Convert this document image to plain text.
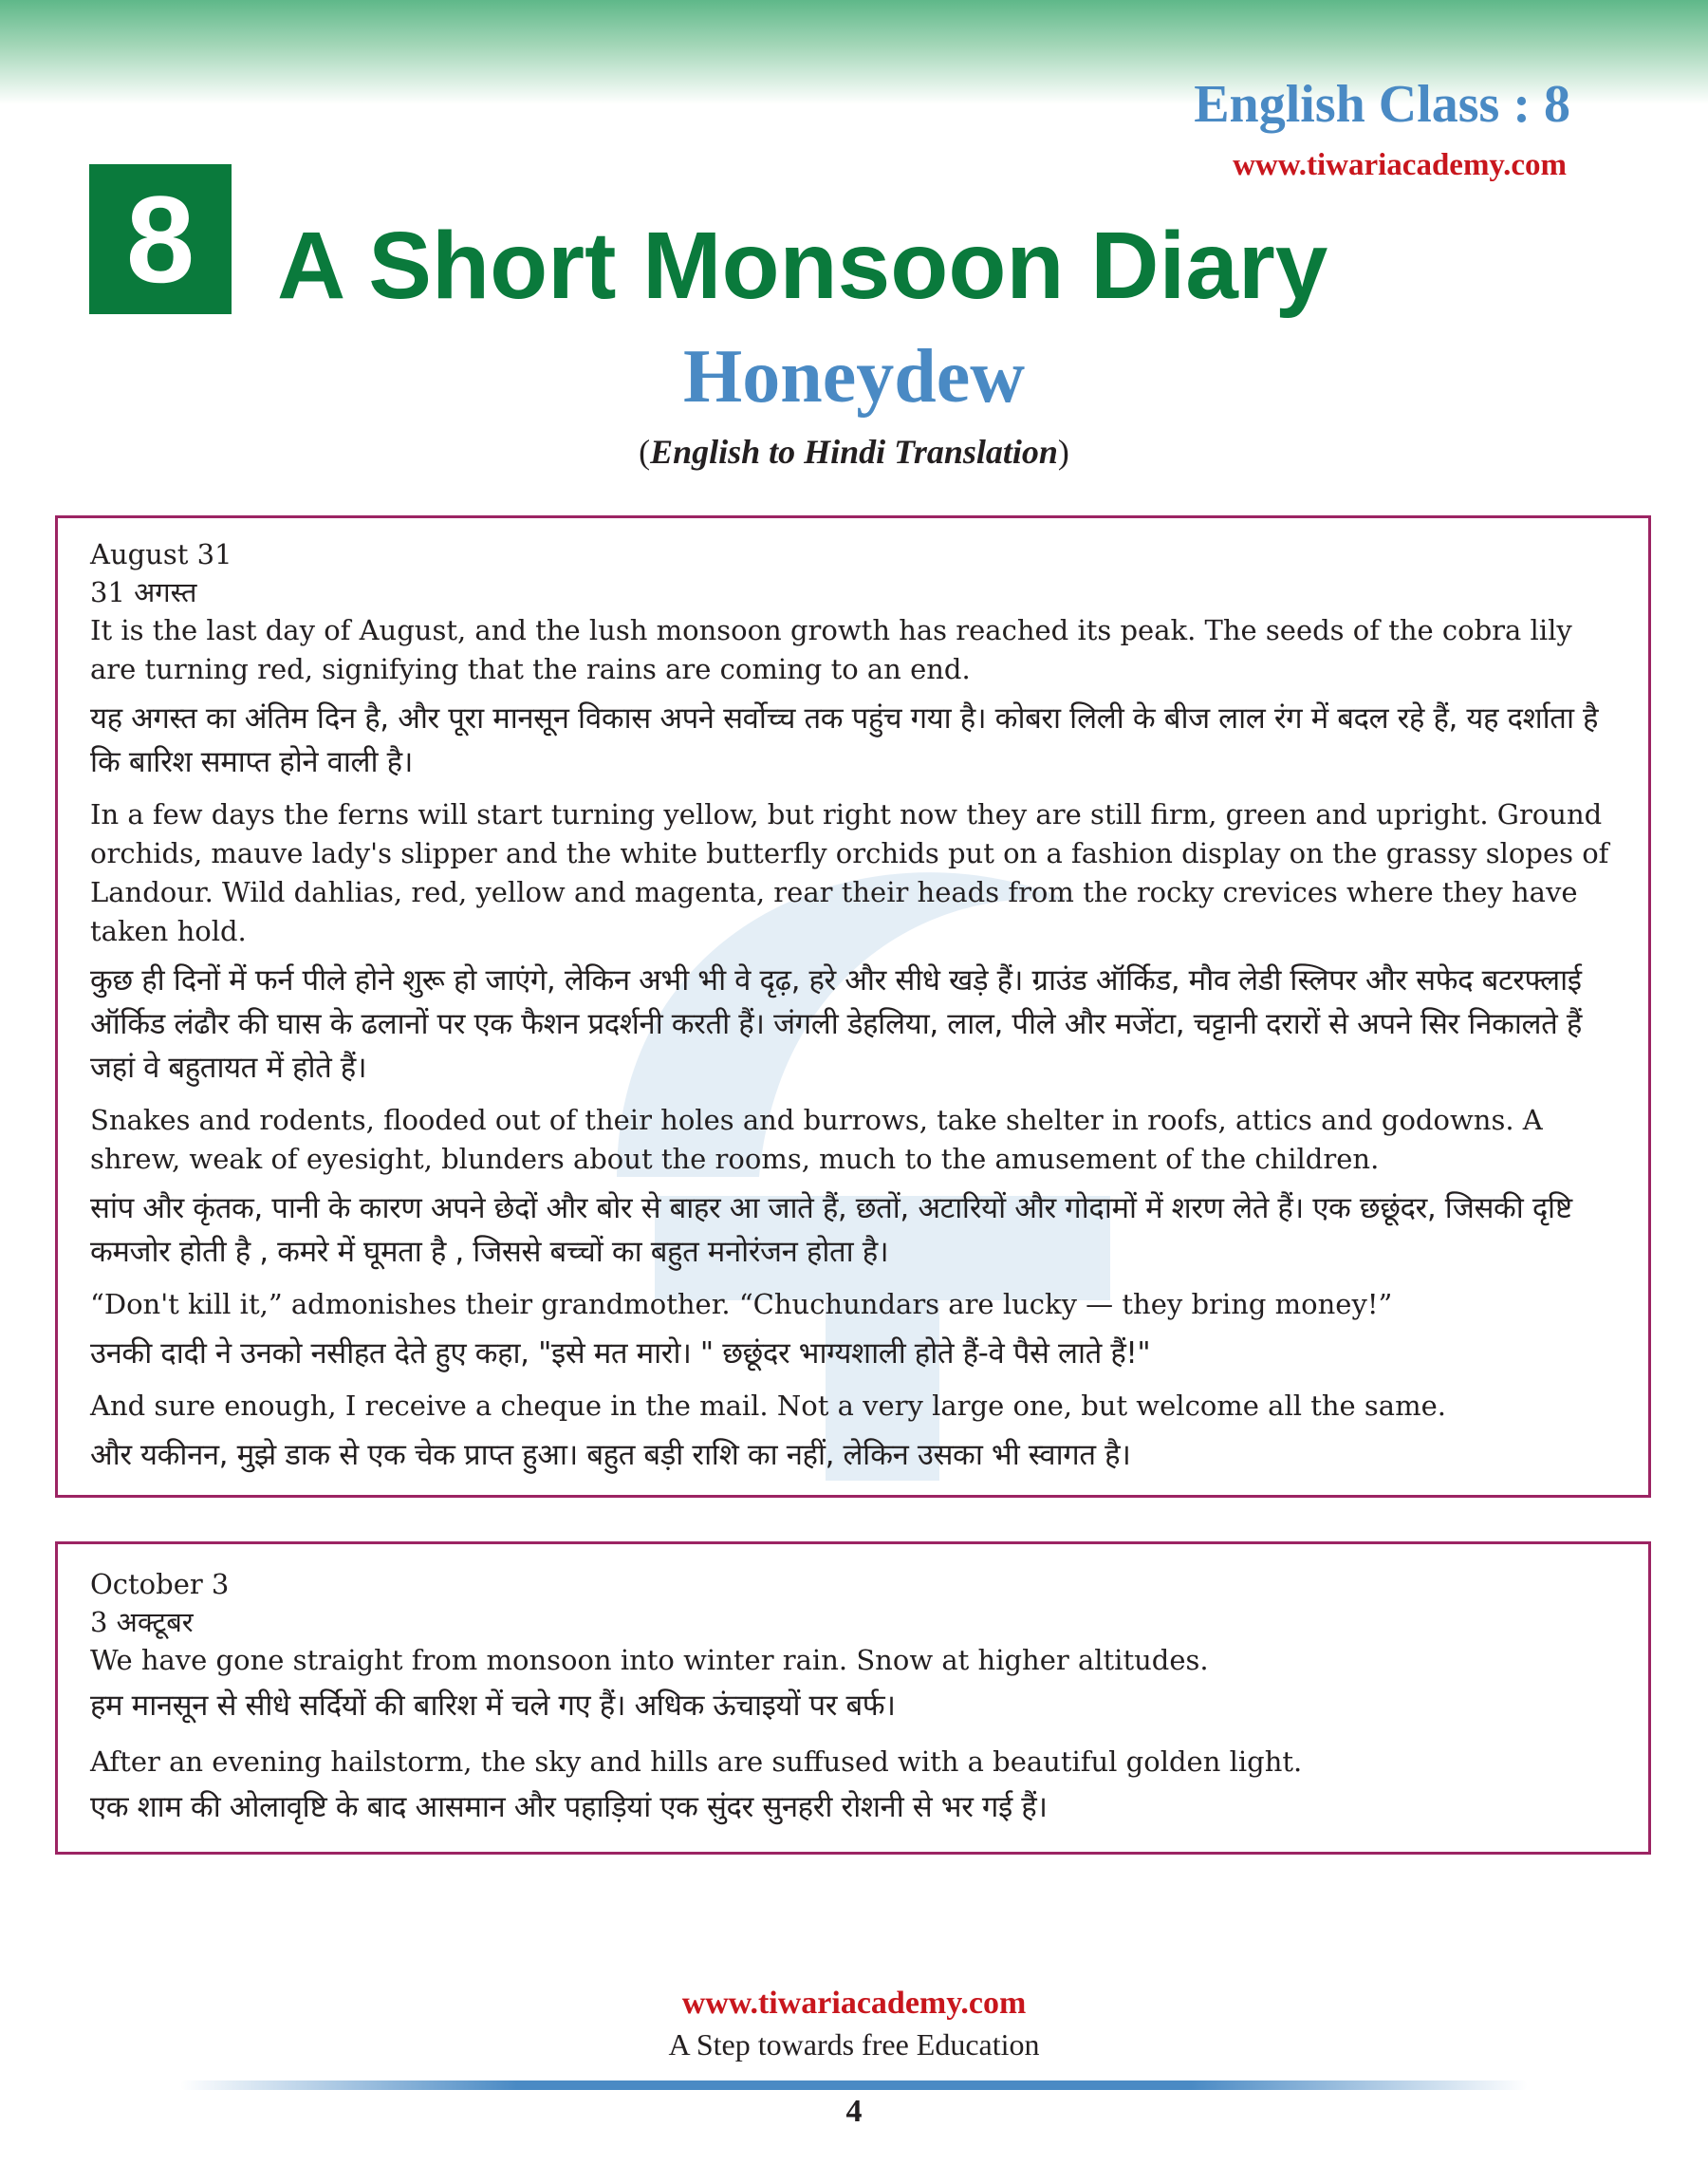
English Class : 8
www.tiwariacademy.com
8 A Short Monsoon Diary
Honeydew
(English to Hindi Translation)

August 31

31 अगस्त

It is the last day of August, and the lush monsoon growth has reached its peak. The seeds of the cobra lily are turning red, signifying that the rains are coming to an end.

यह अगस्त का अंतिम दिन है, और पूरा मानसून विकास अपने सर्वोच्च तक पहुंच गया है। कोबरा लिली के बीज लाल रंग में बदल रहे हैं, यह दर्शाता है कि बारिश समाप्त होने वाली है।

In a few days the ferns will start turning yellow, but right now they are still firm, green and upright. Ground orchids, mauve lady's slipper and the white butterfly orchids put on a fashion display on the grassy slopes of Landour. Wild dahlias, red, yellow and magenta, rear their heads from the rocky crevices where they have taken hold.

कुछ ही दिनों में फर्न पीले होने शुरू हो जाएंगे, लेकिन अभी भी वे दृढ़, हरे और सीधे खड़े हैं। ग्राउंड ऑर्किड, मौव लेडी स्लिपर और सफेद बटरफ्लाई ऑर्किड लंढौर की घास के ढलानों पर एक फैशन प्रदर्शनी करती हैं। जंगली डेहलिया, लाल, पीले और मजेंटा, चट्टानी दरारों से अपने सिर निकालते हैं जहां वे बहुतायत में होते हैं।

Snakes and rodents, flooded out of their holes and burrows, take shelter in roofs, attics and godowns. A shrew, weak of eyesight, blunders about the rooms, much to the amusement of the children.

सांप और कृंतक, पानी के कारण अपने छेदों और बोर से बाहर आ जाते हैं, छतों, अटारियों और गोदामों में शरण लेते हैं। एक छछूंदर, जिसकी दृष्टि कमजोर होती है , कमरे में घूमता है , जिससे बच्चों का बहुत मनोरंजन होता है।

“Don't kill it,” admonishes their grandmother. “Chuchundars are lucky — they bring money!”

उनकी दादी ने उनको नसीहत देते हुए कहा, "इसे मत मारो। " छछूंदर भाग्यशाली होते हैं-वे पैसे लाते हैं!"

And sure enough, I receive a cheque in the mail. Not a very large one, but welcome all the same.

और यकीनन, मुझे डाक से एक चेक प्राप्त हुआ। बहुत बड़ी राशि का नहीं, लेकिन उसका भी स्वागत है।

October 3

3 अक्टूबर

We have gone straight from monsoon into winter rain. Snow at higher altitudes.

हम मानसून से सीधे सर्दियों की बारिश में चले गए हैं। अधिक ऊंचाइयों पर बर्फ।

After an evening hailstorm, the sky and hills are suffused with a beautiful golden light.

एक शाम की ओलावृष्टि के बाद आसमान और पहाड़ियां एक सुंदर सुनहरी रोशनी से भर गई हैं।

www.tiwariacademy.com
A Step towards free Education
4
